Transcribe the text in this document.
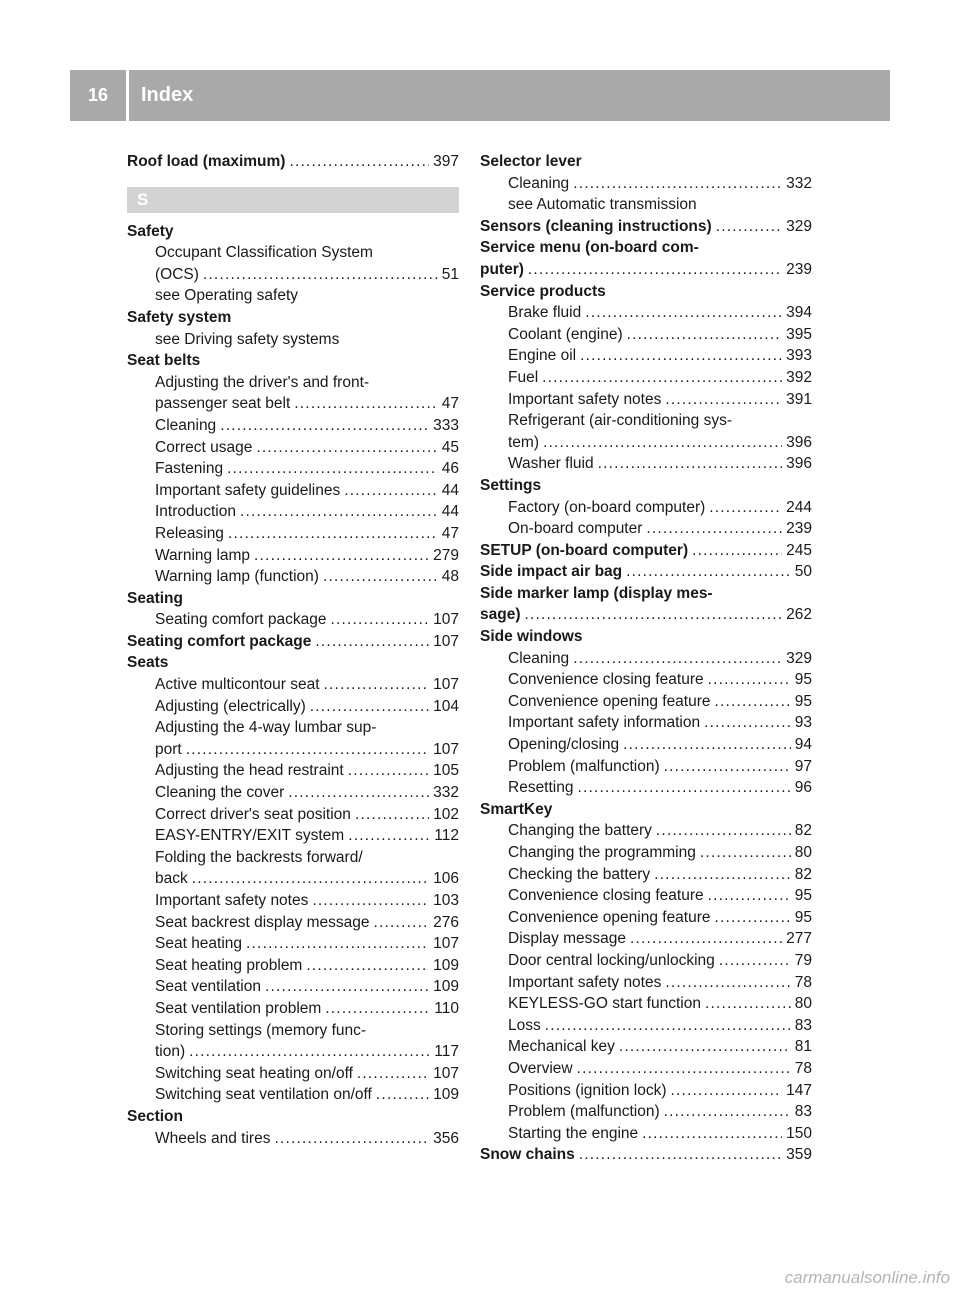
16	Index
Roof load (maximum) .....	397
S
Safety
Occupant Classification System
(OCS) .....	51
see Operating safety
Safety system
see Driving safety systems
Seat belts
Adjusting the driver's and front-
passenger seat belt .....	47
Cleaning .....	333
Correct usage .....	45
Fastening .....	46
Important safety guidelines .....	44
Introduction .....	44
Releasing .....	47
Warning lamp .....	279
Warning lamp (function) .....	48
Seating
Seating comfort package .....	107
Seating comfort package .....	107
Seats
Active multicontour seat .....	107
Adjusting (electrically) .....	104
Adjusting the 4-way lumbar sup-
port .....	107
Adjusting the head restraint .....	105
Cleaning the cover .....	332
Correct driver's seat position .....	102
EASY-ENTRY/EXIT system .....	112
Folding the backrests forward/
back .....	106
Important safety notes .....	103
Seat backrest display message .....	276
Seat heating .....	107
Seat heating problem .....	109
Seat ventilation .....	109
Seat ventilation problem .....	110
Storing settings (memory func-
tion) .....	117
Switching seat heating on/off .....	107
Switching seat ventilation on/off .....	109
Section
Wheels and tires .....	356
Selector lever
Cleaning .....	332
see Automatic transmission
Sensors (cleaning instructions) .....	329
Service menu (on-board com-
puter) .....	239
Service products
Brake fluid .....	394
Coolant (engine) .....	395
Engine oil .....	393
Fuel .....	392
Important safety notes .....	391
Refrigerant (air-conditioning sys-
tem) .....	396
Washer fluid .....	396
Settings
Factory (on-board computer) .....	244
On-board computer .....	239
SETUP (on-board computer) .....	245
Side impact air bag .....	50
Side marker lamp (display mes-
sage) .....	262
Side windows
Cleaning .....	329
Convenience closing feature .....	95
Convenience opening feature .....	95
Important safety information .....	93
Opening/closing .....	94
Problem (malfunction) .....	97
Resetting .....	96
SmartKey
Changing the battery .....	82
Changing the programming .....	80
Checking the battery .....	82
Convenience closing feature .....	95
Convenience opening feature .....	95
Display message .....	277
Door central locking/unlocking .....	79
Important safety notes .....	78
KEYLESS-GO start function .....	80
Loss .....	83
Mechanical key .....	81
Overview .....	78
Positions (ignition lock) .....	147
Problem (malfunction) .....	83
Starting the engine .....	150
Snow chains .....	359
carmanualsonline.info
